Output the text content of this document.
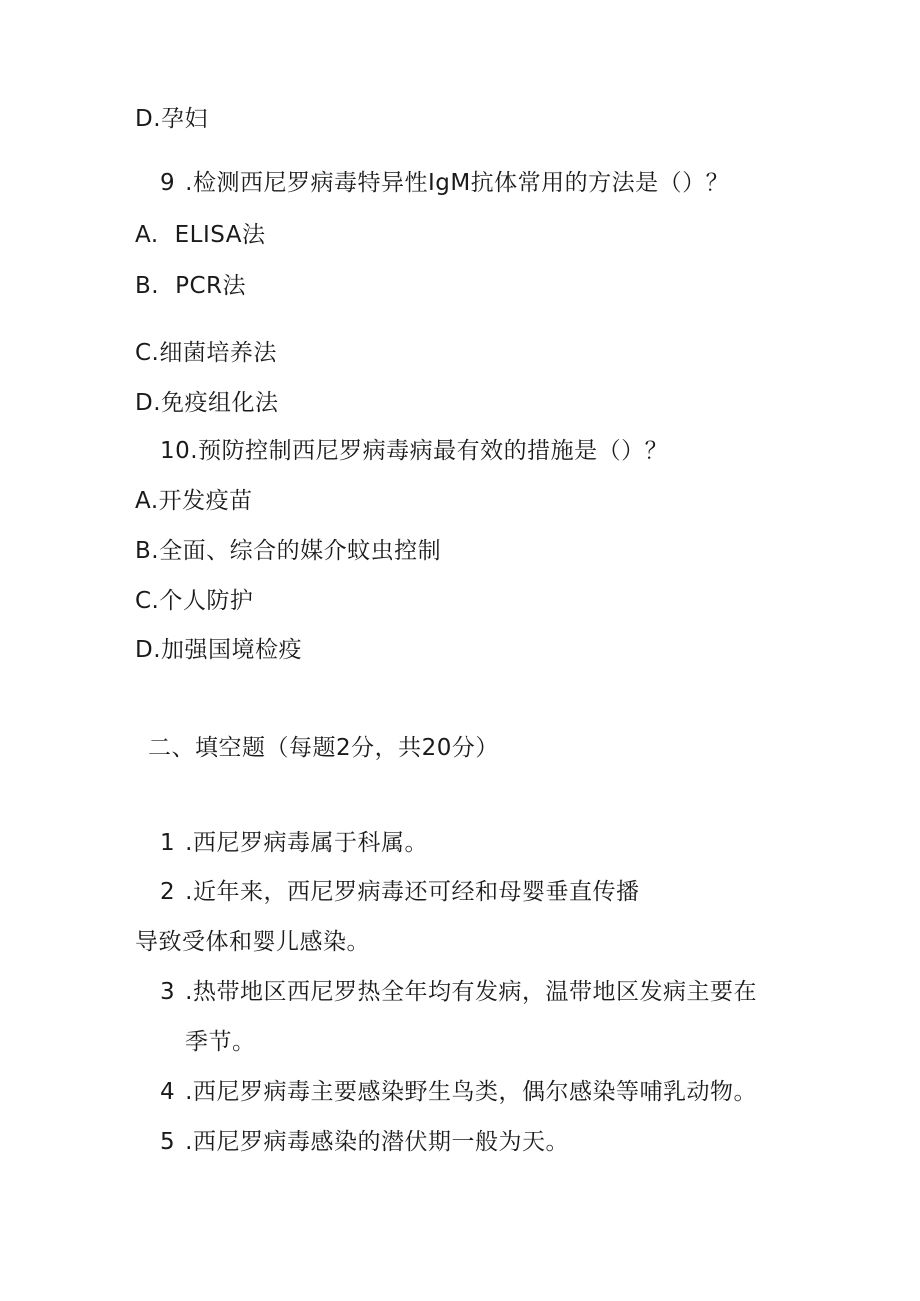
D.孕妇
9 .检测西尼罗病毒特异性IgM抗体常用的方法是（）？
A. ELISA法
B. PCR法
C.细菌培养法
D.免疫组化法
10.预防控制西尼罗病毒病最有效的措施是（）？
A.开发疫苗
B.全面、综合的媒介蚊虫控制
C.个人防护
D.加强国境检疫
二、填空题（每题2分，共20分）
1 .西尼罗病毒属于科属。
2 .近年来，西尼罗病毒还可经和母婴垂直传播
导致受体和婴儿感染。
3 .热带地区西尼罗热全年均有发病，温带地区发病主要在
季节。
4 .西尼罗病毒主要感染野生鸟类，偶尔感染等哺乳动物。
5 .西尼罗病毒感染的潜伏期一般为天。
